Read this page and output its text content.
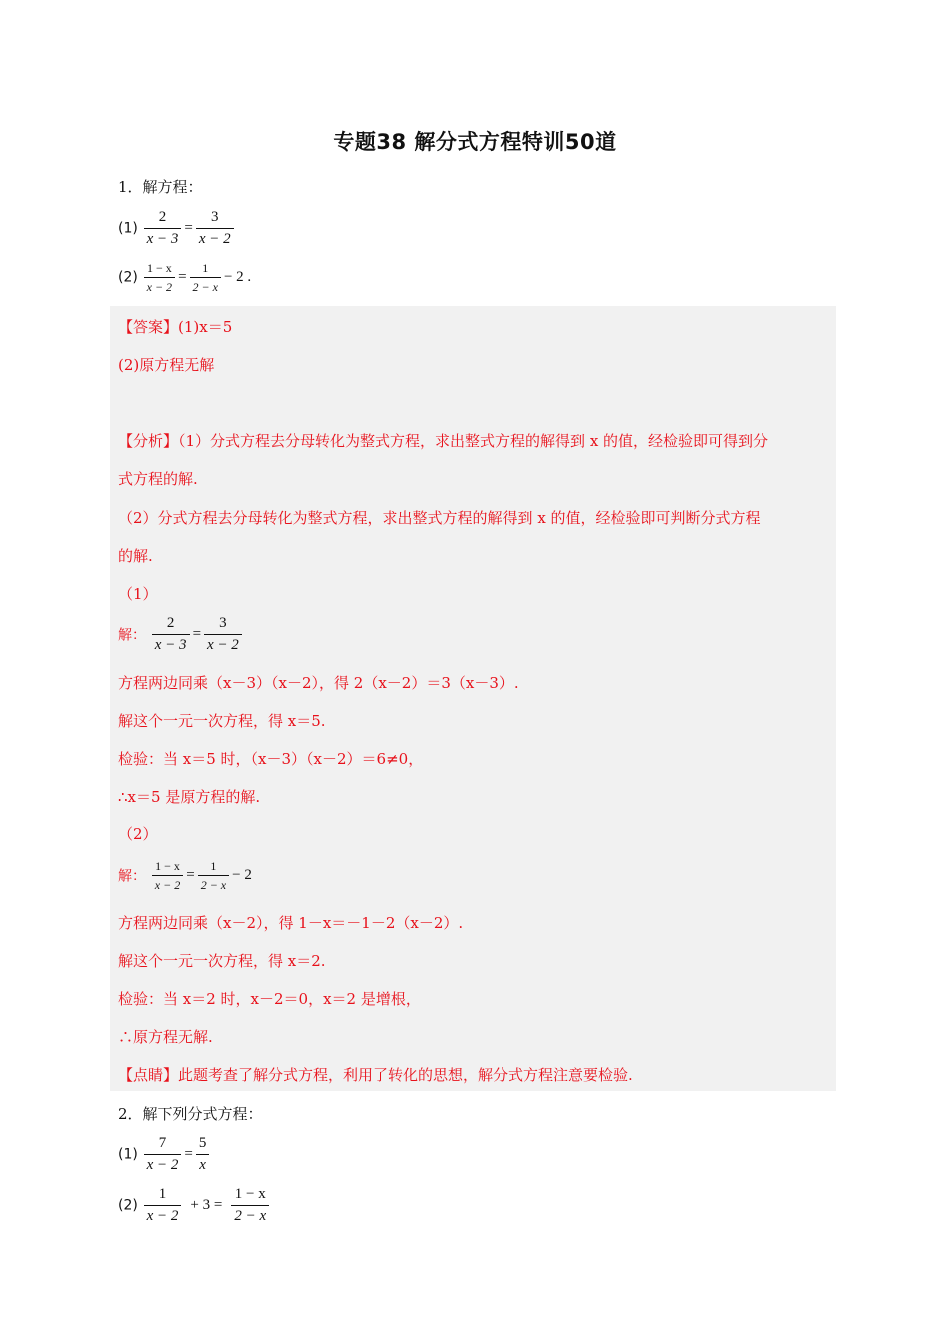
专题38 解分式方程特训50道
1．解方程：
$(1) \frac{2}{x - 3} = \frac{3}{x - 2}$
$(2) \frac{1 - x}{x - 2} = \frac{1}{2 - x} - 2$ .
【答案】(1)x＝5
(2)原方程无解
【分析】（1）分式方程去分母转化为整式方程，求出整式方程的解得到 x 的值，经检验即可得到分
式方程的解.
（2）分式方程去分母转化为整式方程，求出整式方程的解得到 x 的值，经检验即可判断分式方程
的解.
（1）
解： $\frac{2}{x - 3} = \frac{3}{x - 2}$
方程两边同乘（x－3）（x－2），得 2（x－2）＝3（x－3）.
解这个一元一次方程，得 x＝5.
检验：当 x＝5 时，（x－3）（x－2）＝6≠0，
∴x＝5 是原方程的解.
（2）
解： $\frac{1 - x}{x - 2} = \frac{1}{2 - x} - 2$
方程两边同乘（x－2），得 1－x＝－1－2（x－2）.
解这个一元一次方程，得 x＝2.
检验：当 x＝2 时，x－2＝0，x＝2 是增根，
∴原方程无解.
【点睛】此题考查了解分式方程，利用了转化的思想，解分式方程注意要检验.
2．解下列分式方程：
$(1) \frac{7}{x - 2} = \frac{5}{x}$
$(2) \frac{1}{x - 2} + 3 = \frac{1 - x}{2 - x}$
